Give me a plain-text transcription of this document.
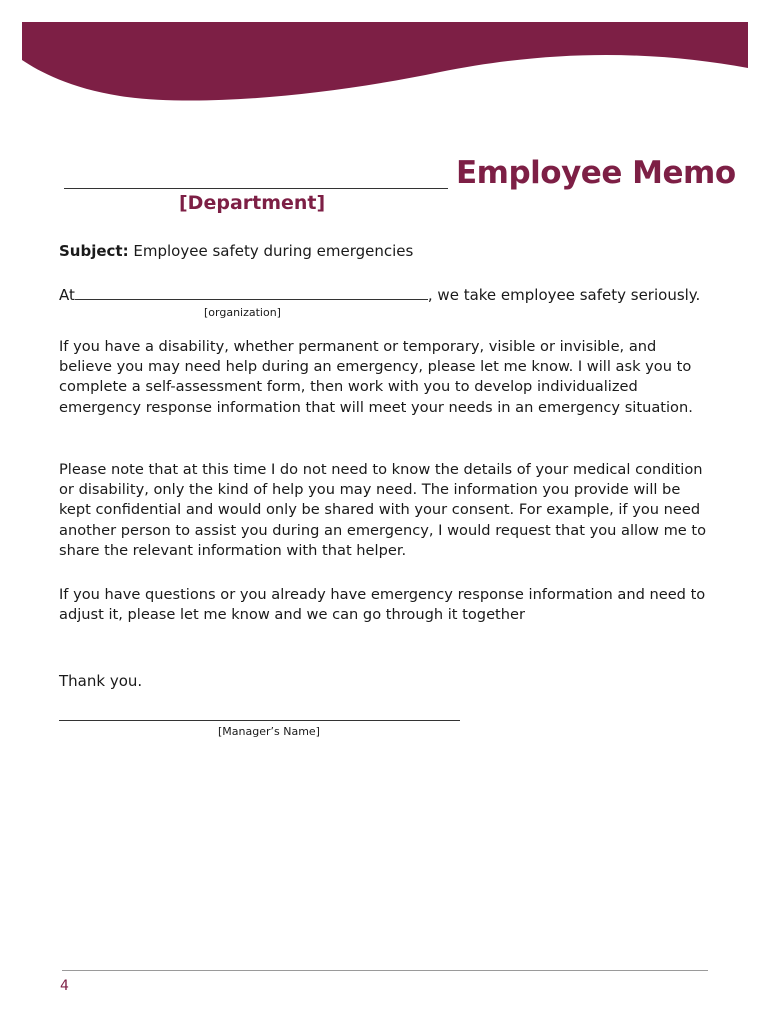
Employee Memo
[Department]
Subject: Employee safety during emergencies
At	, we take employee safety seriously.
[organization]

If you have a disability, whether permanent or temporary, visible or invisible, and believe you may need help during an emergency, please let me know. I will ask you to complete a self-assessment form, then work with you to develop individualized emergency response information that will meet your needs in an emergency situation.

Please note that at this time I do not need to know the details of your medical condition or disability, only the kind of help you may need. The information you provide will be kept confidential and would only be shared with your consent. For example, if you need another person to assist you during an emergency, I would request that you allow me to share the relevant information with that helper.

If you have questions or you already have emergency response information and need to adjust it, please let me know and we can go through it together

Thank you.
[Manager’s Name]
4
